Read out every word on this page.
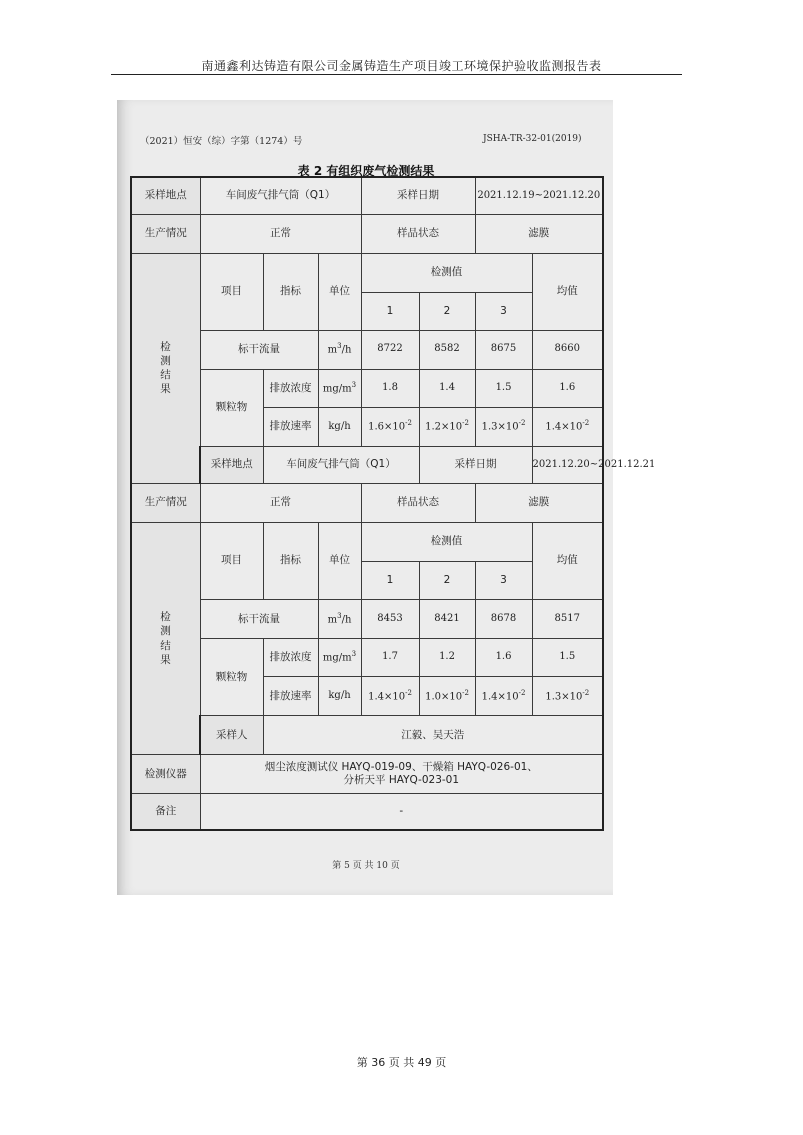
南通鑫利达铸造有限公司金属铸造生产项目竣工环境保护验收监测报告表
（2021）恒安（综）字第（1274）号	JSHA-TR-32-01(2019)
表 2 有组织废气检测结果
采样地点	车间废气排气筒（Q1）			采样日期		2021.12.19~2021.12.20	
生产情况	正常			样品状态		滤膜	

检
测
结
果	项目	指标	单位	检测值			均值
				1	2	3	
	标干流量		$m^3/h$	8722	8582	8675	8660
	颗粒物	排放浓度	$mg/m^3$	1.8	1.4	1.5	1.6
		排放速率	kg/h	$1.6\times 10^{-2}$	$1.2\times 10^{-2}$	$1.3\times 10^{-2}$	$1.4\times 10^{-2}$
	采样地点	车间废气排气筒（Q1）			采样日期		2021.12.20~2021.12.21
生产情况	正常			样品状态		滤膜	

检
测
结
果	项目	指标	单位	检测值			均值
				1	2	3	
	标干流量		$m^3/h$	8453	8421	8678	8517
	颗粒物	排放浓度	$mg/m^3$	1.7	1.2	1.6	1.5
		排放速率	kg/h	$1.4\times 10^{-2}$	$1.0\times 10^{-2}$	$1.4\times 10^{-2}$	$1.3\times 10^{-2}$
	采样人	江毅、吴天浩					
检测仪器	烟尘浓度测试仪 HAYQ-019-09、干燥箱 HAYQ-026-01、
分析天平 HAYQ-023-01						

备注	-						
第 5 页 共 10 页
第 36 页 共 49 页
